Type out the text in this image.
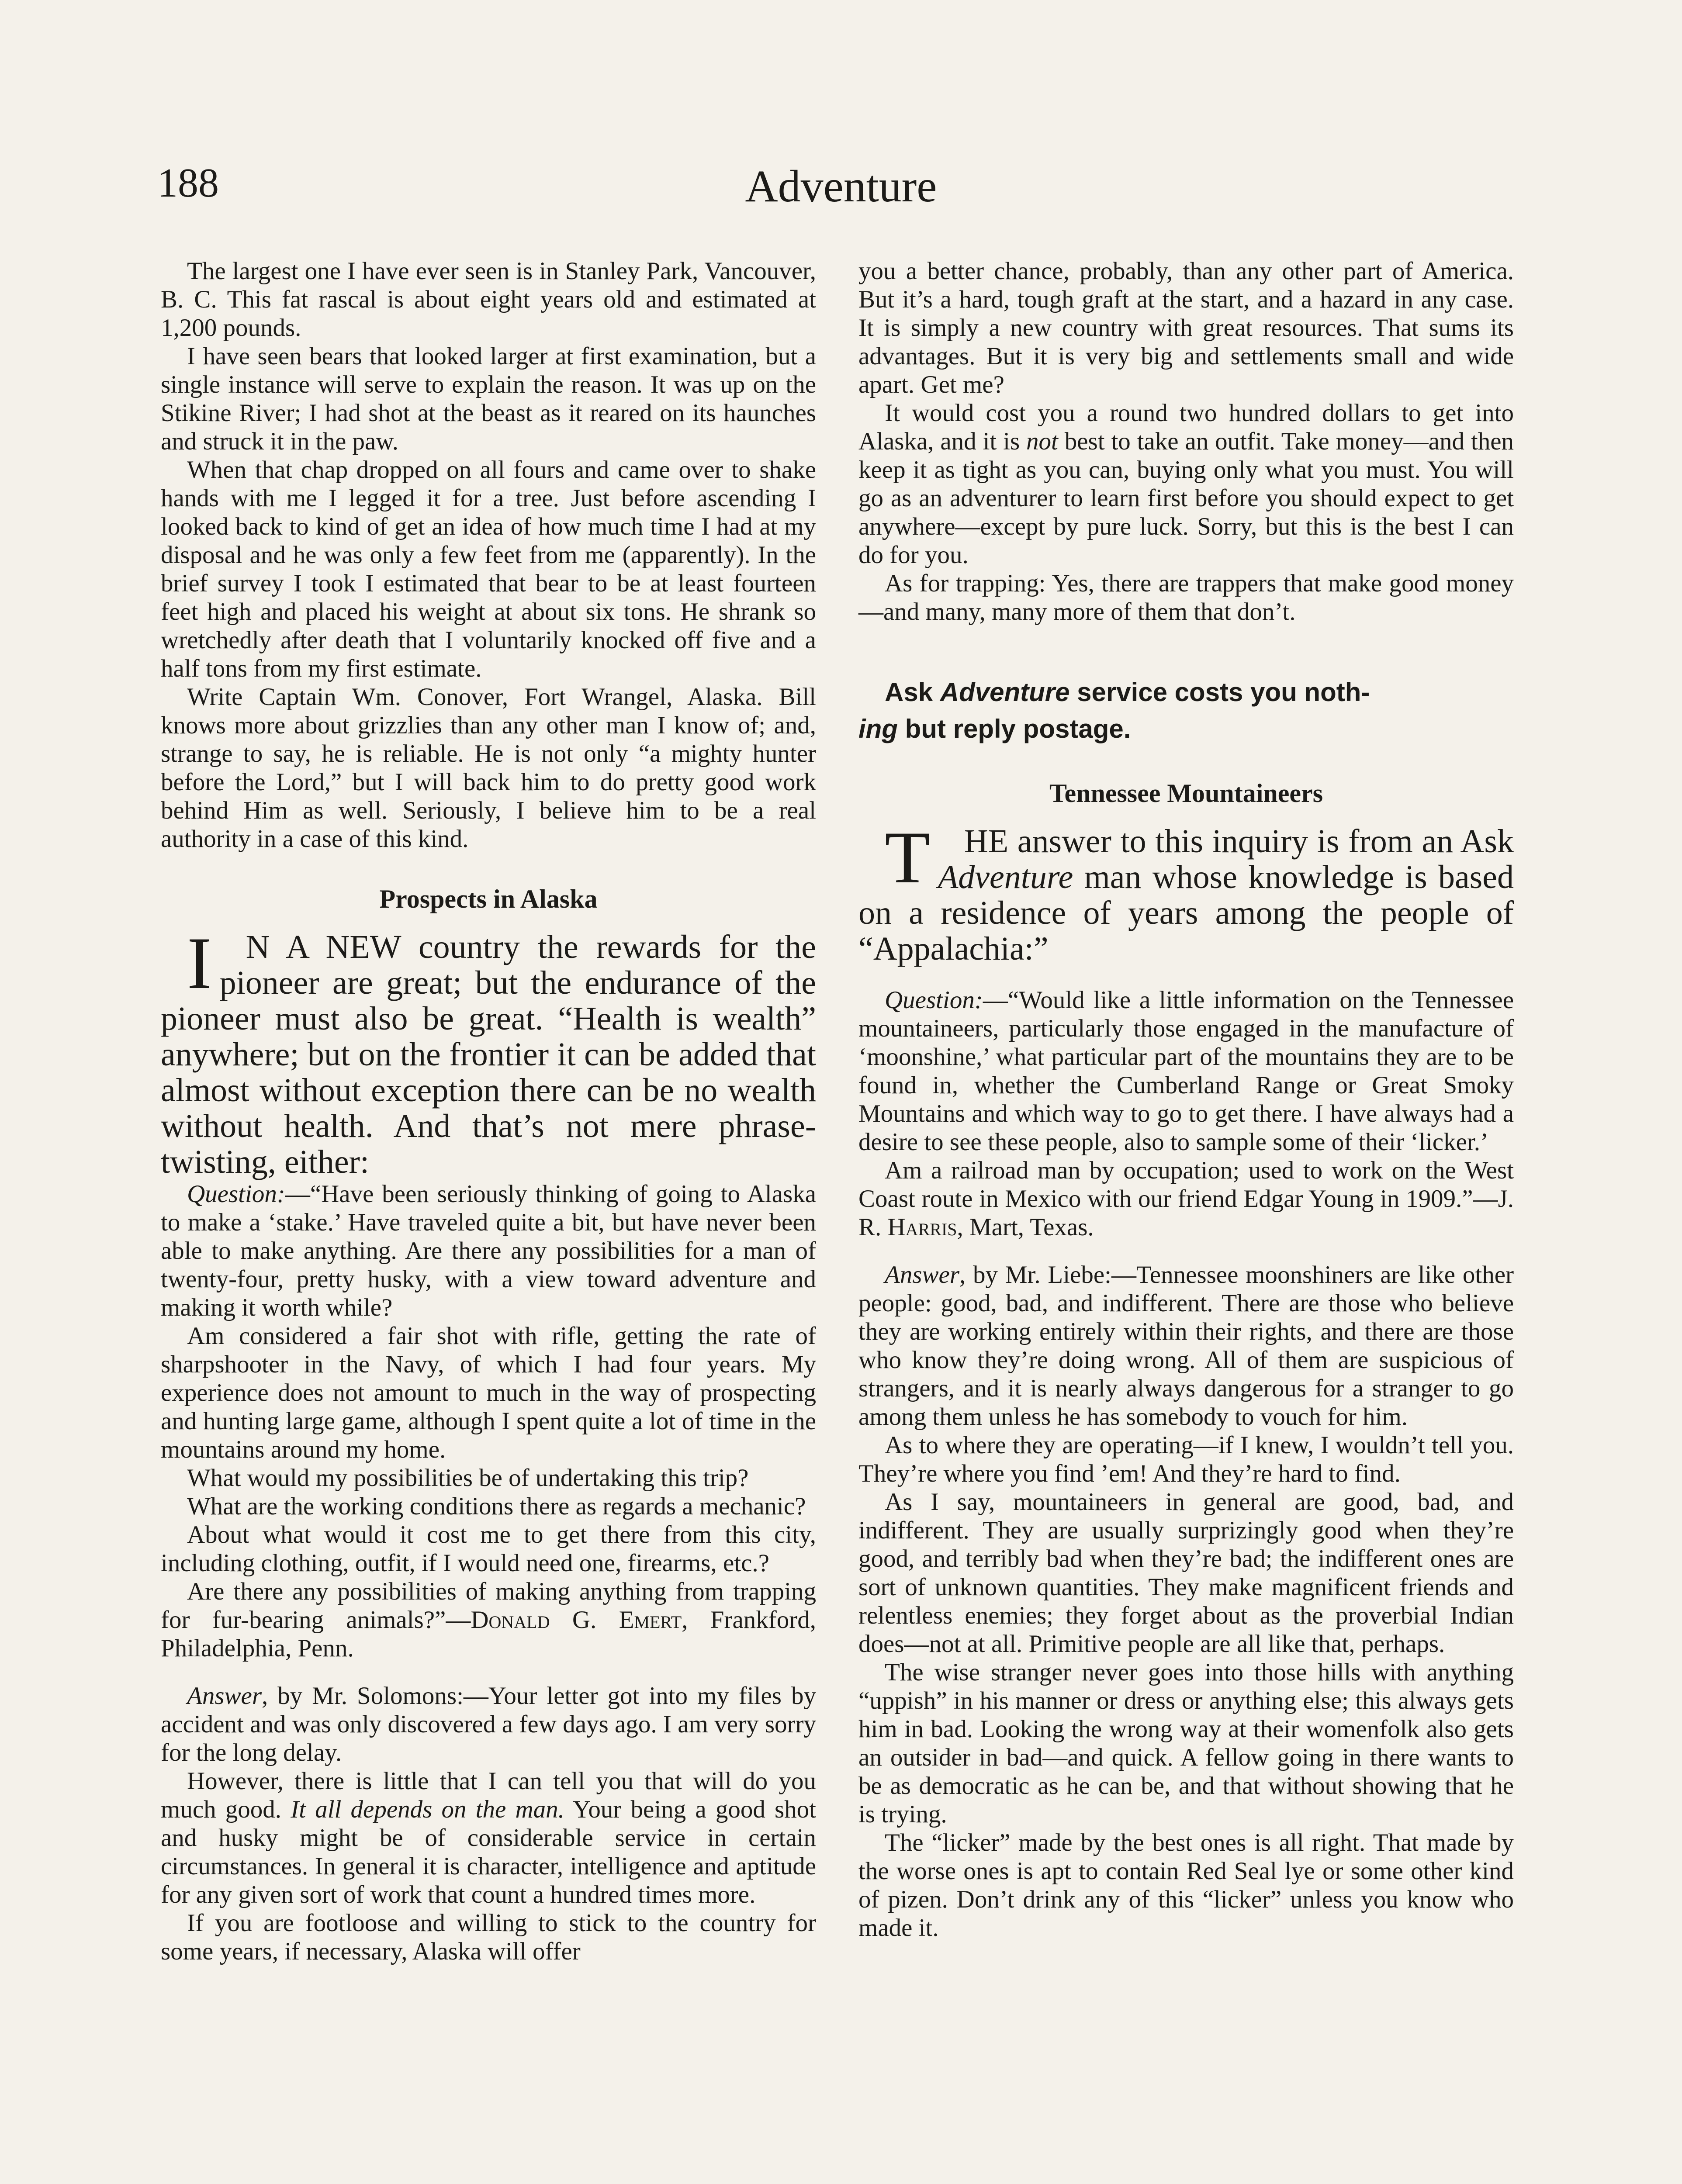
188	Adventure

The largest one I have ever seen is in Stanley Park, Vancouver, B. C. This fat rascal is about eight years old and estimated at 1,200 pounds.

I have seen bears that looked larger at first examination, but a single instance will serve to explain the reason. It was up on the Stikine River; I had shot at the beast as it reared on its haunches and struck it in the paw.

When that chap dropped on all fours and came over to shake hands with me I legged it for a tree. Just before ascending I looked back to kind of get an idea of how much time I had at my disposal and he was only a few feet from me (apparently). In the brief survey I took I estimated that bear to be at least fourteen feet high and placed his weight at about six tons. He shrank so wretchedly after death that I voluntarily knocked off five and a half tons from my first estimate.

Write Captain Wm. Conover, Fort Wrangel, Alaska. Bill knows more about grizzlies than any other man I know of; and, strange to say, he is reliable. He is not only “a mighty hunter before the Lord,” but I will back him to do pretty good work behind Him as well. Seriously, I believe him to be a real authority in a case of this kind.

Prospects in Alaska

I N A NEW country the rewards for the pioneer are great; but the endurance of the pioneer must also be great. “Health is wealth” anywhere; but on the frontier it can be added that almost without exception there can be no wealth without health. And that’s not mere phrase-twisting, either:

Question:—“Have been seriously thinking of going to Alaska to make a ‘stake.’ Have traveled quite a bit, but have never been able to make anything. Are there any possibilities for a man of twenty-four, pretty husky, with a view toward adventure and making it worth while?

Am considered a fair shot with rifle, getting the rate of sharpshooter in the Navy, of which I had four years. My experience does not amount to much in the way of prospecting and hunting large game, although I spent quite a lot of time in the mountains around my home.

What would my possibilities be of undertaking this trip?

What are the working conditions there as regards a mechanic?

About what would it cost me to get there from this city, including clothing, outfit, if I would need one, firearms, etc.?

Are there any possibilities of making anything from trapping for fur-bearing animals?”—Donald G. Emert, Frankford, Philadelphia, Penn.

Answer, by Mr. Solomons:—Your letter got into my files by accident and was only discovered a few days ago. I am very sorry for the long delay.

However, there is little that I can tell you that will do you much good. It all depends on the man. Your being a good shot and husky might be of considerable service in certain circumstances. In general it is character, intelligence and aptitude for any given sort of work that count a hundred times more.

If you are footloose and willing to stick to the country for some years, if necessary, Alaska will offer

you a better chance, probably, than any other part of America. But it’s a hard, tough graft at the start, and a hazard in any case. It is simply a new country with great resources. That sums its advantages. But it is very big and settlements small and wide apart. Get me?

It would cost you a round two hundred dollars to get into Alaska, and it is not best to take an outfit. Take money—and then keep it as tight as you can, buying only what you must. You will go as an adventurer to learn first before you should expect to get anywhere—except by pure luck. Sorry, but this is the best I can do for you.

As for trapping: Yes, there are trappers that make good money—and many, many more of them that don’t.

Ask Adventure service costs you noth-
ing but reply postage.
Tennessee Mountaineers

T HE answer to this inquiry is from an Ask Adventure man whose knowledge is based on a residence of years among the people of “Appalachia:”

Question:—“Would like a little information on the Tennessee mountaineers, particularly those engaged in the manufacture of ‘moonshine,’ what particular part of the mountains they are to be found in, whether the Cumberland Range or Great Smoky Mountains and which way to go to get there. I have always had a desire to see these people, also to sample some of their ‘licker.’

Am a railroad man by occupation; used to work on the West Coast route in Mexico with our friend Edgar Young in 1909.”—J. R. Harris, Mart, Texas.

Answer, by Mr. Liebe:—Tennessee moonshiners are like other people: good, bad, and indifferent. There are those who believe they are working entirely within their rights, and there are those who know they’re doing wrong. All of them are suspicious of strangers, and it is nearly always dangerous for a stranger to go among them unless he has somebody to vouch for him.

As to where they are operating—if I knew, I wouldn’t tell you. They’re where you find ’em! And they’re hard to find.

As I say, mountaineers in general are good, bad, and indifferent. They are usually surprizingly good when they’re good, and terribly bad when they’re bad; the indifferent ones are sort of unknown quantities. They make magnificent friends and relentless enemies; they forget about as the proverbial Indian does—not at all. Primitive people are all like that, perhaps.

The wise stranger never goes into those hills with anything “uppish” in his manner or dress or anything else; this always gets him in bad. Looking the wrong way at their womenfolk also gets an outsider in bad—and quick. A fellow going in there wants to be as democratic as he can be, and that without showing that he is trying.

The “licker” made by the best ones is all right. That made by the worse ones is apt to contain Red Seal lye or some other kind of pizen. Don’t drink any of this “licker” unless you know who made it.
